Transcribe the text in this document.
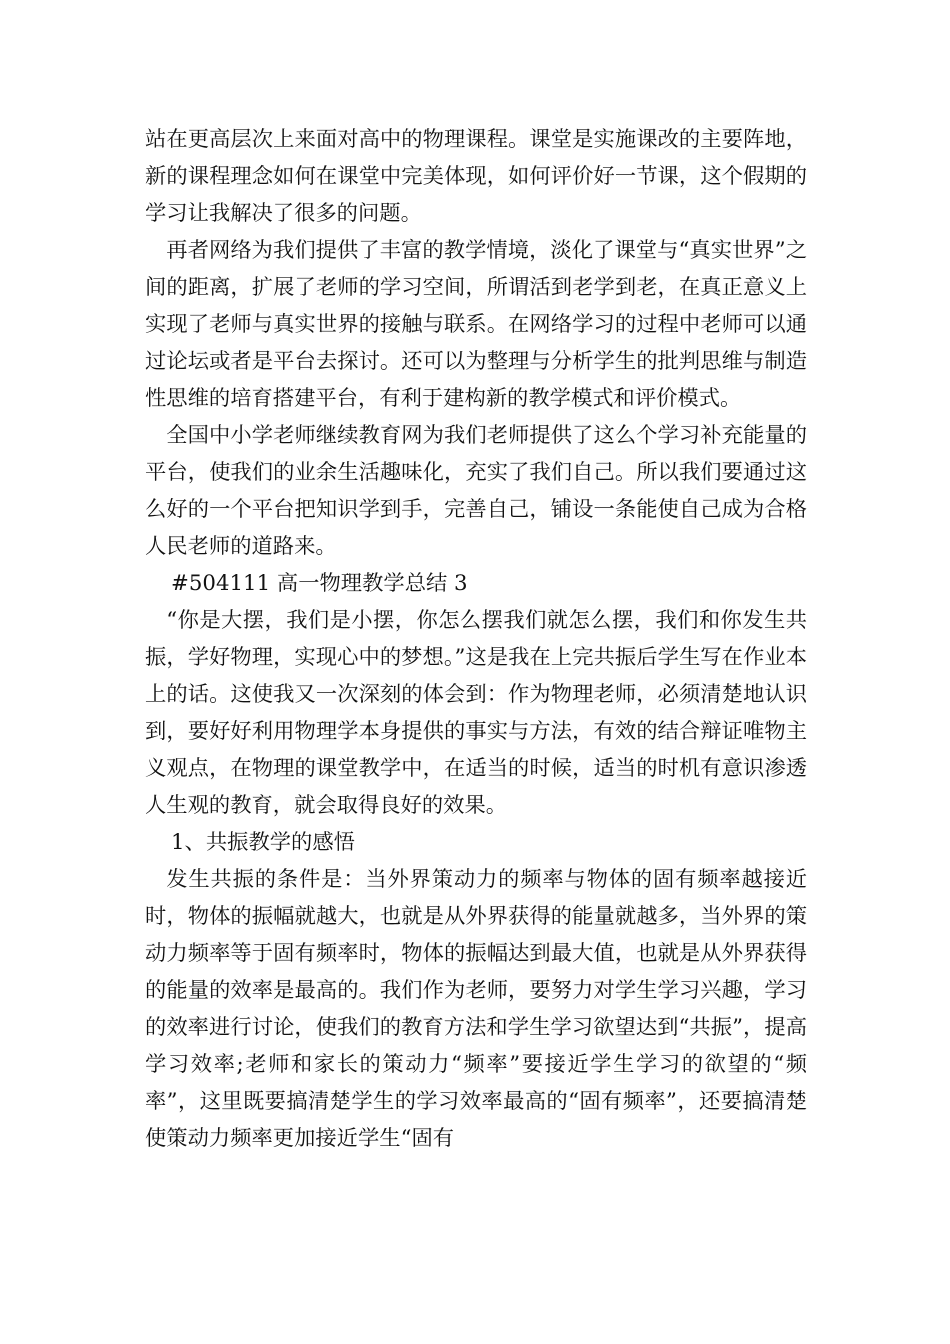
站在更高层次上来面对高中的物理课程。课堂是实施课改的主要阵地，新的课程理念如何在课堂中完美体现，如何评价好一节课，这个假期的学习让我解决了很多的问题。

再者网络为我们提供了丰富的教学情境，淡化了课堂与“真实世界”之间的距离，扩展了老师的学习空间，所谓活到老学到老，在真正意义上实现了老师与真实世界的接触与联系。在网络学习的过程中老师可以通过论坛或者是平台去探讨。还可以为整理与分析学生的批判思维与制造性思维的培育搭建平台，有利于建构新的教学模式和评价模式。

全国中小学老师继续教育网为我们老师提供了这么个学习补充能量的平台，使我们的业余生活趣味化，充实了我们自己。所以我们要通过这么好的一个平台把知识学到手，完善自己，铺设一条能使自己成为合格人民老师的道路来。

#504111 高一物理教学总结 3

“你是大摆，我们是小摆，你怎么摆我们就怎么摆，我们和你发生共振，学好物理，实现心中的梦想。”这是我在上完共振后学生写在作业本上的话。这使我又一次深刻的体会到：作为物理老师，必须清楚地认识到，要好好利用物理学本身提供的事实与方法，有效的结合辩证唯物主义观点，在物理的课堂教学中，在适当的时候，适当的时机有意识渗透人生观的教育，就会取得良好的效果。

1、共振教学的感悟

发生共振的条件是：当外界策动力的频率与物体的固有频率越接近时，物体的振幅就越大，也就是从外界获得的能量就越多，当外界的策动力频率等于固有频率时，物体的振幅达到最大值，也就是从外界获得的能量的效率是最高的。我们作为老师，要努力对学生学习兴趣，学习的效率进行讨论，使我们的教育方法和学生学习欲望达到“共振”，提高学习效率;老师和家长的策动力“频率”要接近学生学习的欲望的“频率”，这里既要搞清楚学生的学习效率最高的“固有频率”，还要搞清楚使策动力频率更加接近学生“固有
